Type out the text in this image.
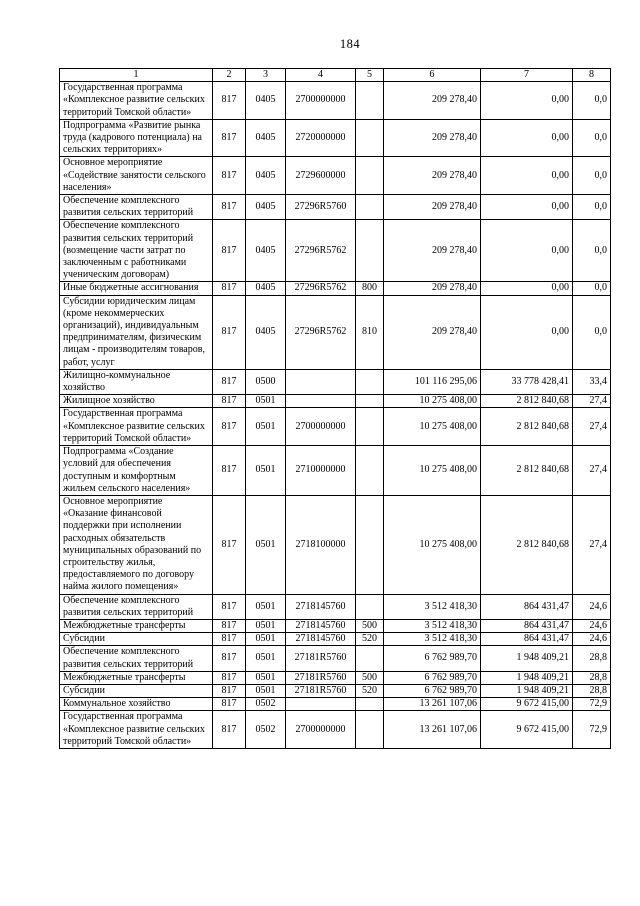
184
1	2	3	4	5	6	7	8
Государственная программа «Комплексное развитие сельских территорий Томской области»	817	0405	2700000000		209 278,40	0,00	0,0
Подпрограмма «Развитие рынка труда (кадрового потенциала) на сельских территориях»	817	0405	2720000000		209 278,40	0,00	0,0
Основное мероприятие «Содействие занятости сельского населения»	817	0405	2729600000		209 278,40	0,00	0,0
Обеспечение комплексного развития сельских территорий	817	0405	27296R5760		209 278,40	0,00	0,0
Обеспечение комплексного развития сельских территорий (возмещение части затрат по заключенным с работниками ученическим договорам)	817	0405	27296R5762		209 278,40	0,00	0,0
Иные бюджетные ассигнования	817	0405	27296R5762	800	209 278,40	0,00	0,0
Субсидии юридическим лицам (кроме некоммерческих организаций), индивидуальным предпринимателям, физическим лицам - производителям товаров, работ, услуг	817	0405	27296R5762	810	209 278,40	0,00	0,0
Жилищно-коммунальное хозяйство	817	0500			101 116 295,06	33 778 428,41	33,4
Жилищное хозяйство	817	0501			10 275 408,00	2 812 840,68	27,4
Государственная программа «Комплексное развитие сельских территорий Томской области»	817	0501	2700000000		10 275 408,00	2 812 840,68	27,4
Подпрограмма «Создание условий для обеспечения доступным и комфортным жильем сельского населения»	817	0501	2710000000		10 275 408,00	2 812 840,68	27,4
Основное мероприятие «Оказание финансовой поддержки при исполнении расходных обязательств муниципальных образований по строительству жилья, предоставляемого по договору найма жилого помещения»	817	0501	2718100000		10 275 408,00	2 812 840,68	27,4
Обеспечение комплексного развития сельских территорий	817	0501	2718145760		3 512 418,30	864 431,47	24,6
Межбюджетные трансферты	817	0501	2718145760	500	3 512 418,30	864 431,47	24,6
Субсидии	817	0501	2718145760	520	3 512 418,30	864 431,47	24,6
Обеспечение комплексного развития сельских территорий	817	0501	27181R5760		6 762 989,70	1 948 409,21	28,8
Межбюджетные трансферты	817	0501	27181R5760	500	6 762 989,70	1 948 409,21	28,8
Субсидии	817	0501	27181R5760	520	6 762 989,70	1 948 409,21	28,8
Коммунальное хозяйство	817	0502			13 261 107,06	9 672 415,00	72,9
Государственная программа «Комплексное развитие сельских территорий Томской области»	817	0502	2700000000		13 261 107,06	9 672 415,00	72,9
